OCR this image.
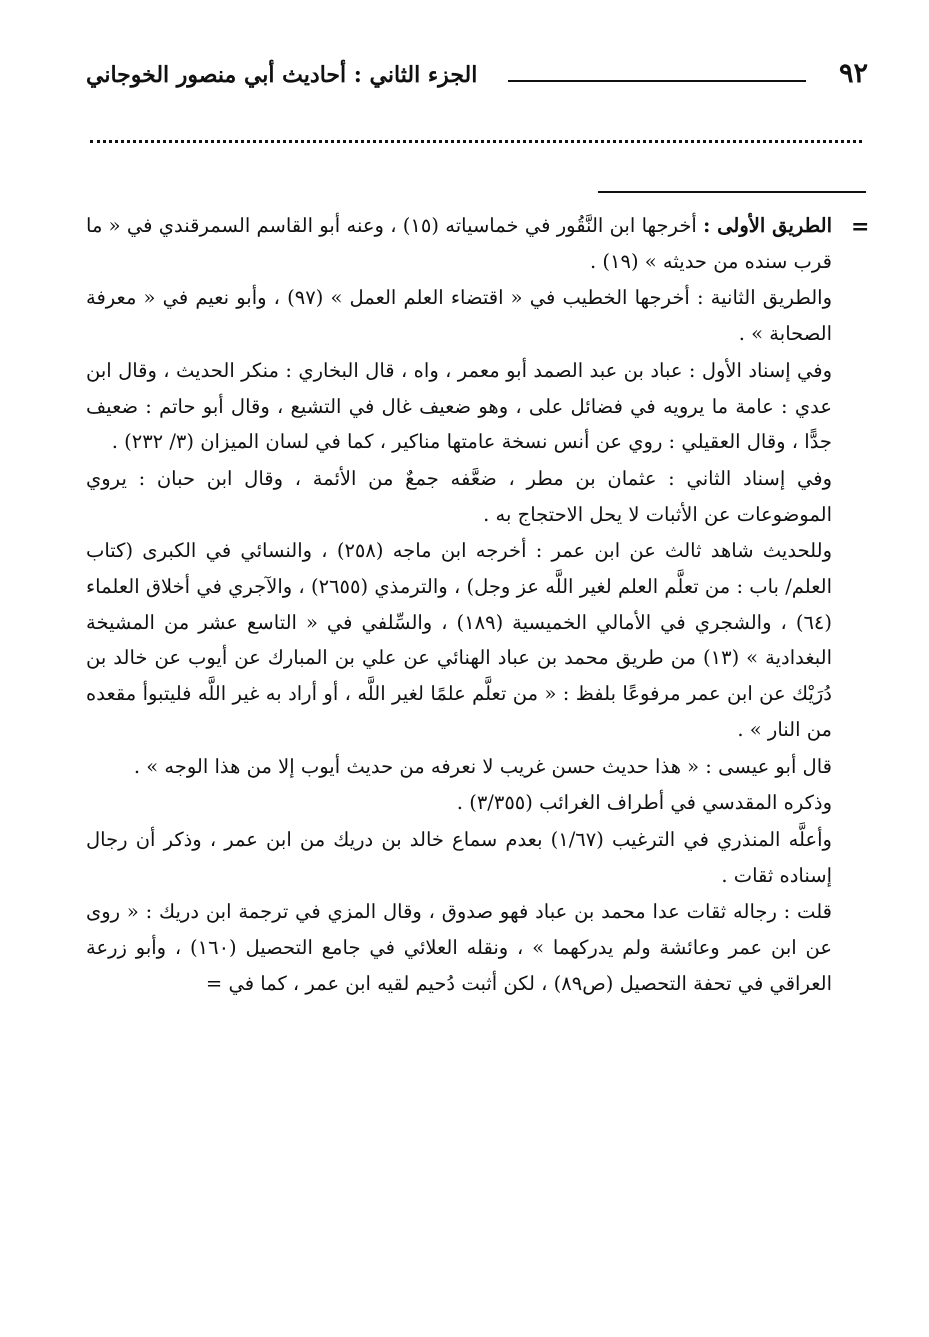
٩٢
الجزء الثاني : أحاديث أبي منصور الخوجاني
=

الطريق الأولى : أخرجها ابن النَّقُور في خماسياته (١٥) ، وعنه أبو القاسم السمرقندي في « ما قرب سنده من حديثه » (١٩) .

والطريق الثانية : أخرجها الخطيب في « اقتضاء العلم العمل » (٩٧) ، وأبو نعيم في « معرفة الصحابة » .

وفي إسناد الأول : عباد بن عبد الصمد أبو معمر ، واه ، قال البخاري : منكر الحديث ، وقال ابن عدي : عامة ما يرويه في فضائل على ، وهو ضعيف غال في التشيع ، وقال أبو حاتم : ضعيف جدًّا ، وقال العقيلي : روي عن أنس نسخة عامتها مناكير ، كما في لسان الميزان (٣/ ٢٣٢) .

وفي إسناد الثاني : عثمان بن مطر ، ضعَّفه جمعٌ من الأئمة ، وقال ابن حبان : يروي الموضوعات عن الأثبات لا يحل الاحتجاج به .

وللحديث شاهد ثالث عن ابن عمر : أخرجه ابن ماجه (٢٥٨) ، والنسائي في الكبرى (كتاب العلم/ باب : من تعلَّم العلم لغير اللَّه عز وجل) ، والترمذي (٢٦٥٥) ، والآجري في أخلاق العلماء (٦٤) ، والشجري في الأمالي الخميسية (١٨٩) ، والسِّلفي في « التاسع عشر من المشيخة البغدادية » (١٣) من طريق محمد بن عباد الهنائي عن علي بن المبارك عن أيوب عن خالد بن دُرَيْك عن ابن عمر مرفوعًا بلفظ : « من تعلَّم علمًا لغير اللَّه ، أو أراد به غير اللَّه فليتبوأ مقعده من النار » .

قال أبو عيسى : « هذا حديث حسن غريب لا نعرفه من حديث أيوب إلا من هذا الوجه » .

وذكره المقدسي في أطراف الغرائب (٣/٣٥٥) .

وأعلَّه المنذري في الترغيب (١/٦٧) بعدم سماع خالد بن دريك من ابن عمر ، وذكر أن رجال إسناده ثقات .

قلت : رجاله ثقات عدا محمد بن عباد فهو صدوق ، وقال المزي في ترجمة ابن دريك : « روى عن ابن عمر وعائشة ولم يدركهما » ، ونقله العلائي في جامع التحصيل (١٦٠) ، وأبو زرعة العراقي في تحفة التحصيل (ص٨٩) ، لكن أثبت دُحيم لقيه ابن عمر ، كما في =
